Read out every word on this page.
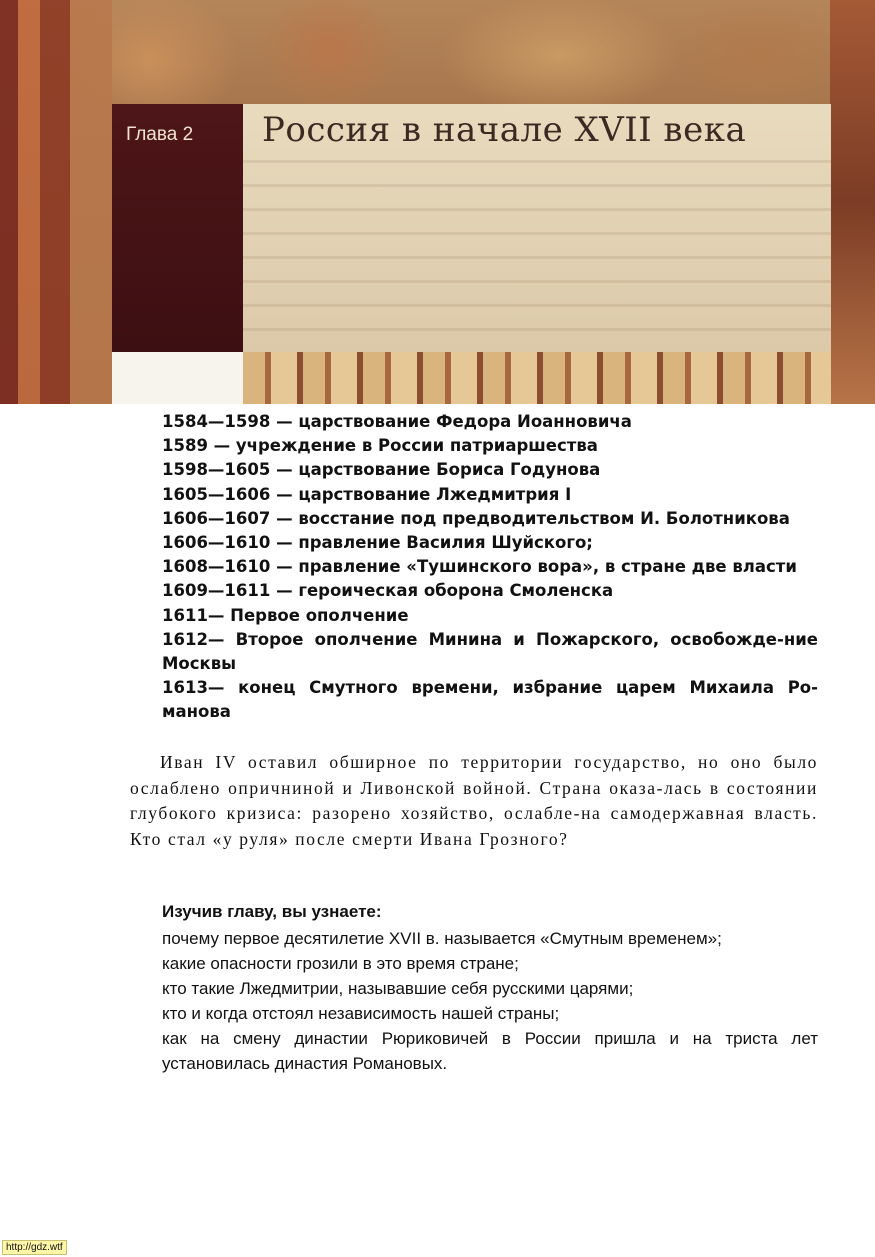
Глава 2 Россия в начале XVII века
1584—1598 — царствование Федора Иоанновича
1589 — учреждение в России патриаршества
1598—1605 — царствование Бориса Годунова
1605—1606 — царствование Лжедмитрия I
1606—1607 — восстание под предводительством И. Болотникова
1606—1610 — правление Василия Шуйского;
1608—1610 — правление «Тушинского вора», в стране две власти
1609—1611 — героическая оборона Смоленска
1611— Первое ополчение
1612— Второе ополчение Минина и Пожарского, освобожде-ние Москвы
1613— конец Смутного времени, избрание царем Михаила Ро-манова

Иван IV оставил обширное по территории государство, но оно было ослаблено опричниной и Ливонской войной. Страна оказа-лась в состоянии глубокого кризиса: разорено хозяйство, ослабле-на самодержавная власть. Кто стал «у руля» после смерти Ивана Грозного?

Изучив главу, вы узнаете:
почему первое десятилетие XVII в. называется «Смутным временем»;
какие опасности грозили в это время стране;
кто такие Лжедмитрии, называвшие себя русскими царями;
кто и когда отстоял независимость нашей страны;
как на смену династии Рюриковичей в России пришла и на триста лет установилась династия Романовых.
http://gdz.wtf
